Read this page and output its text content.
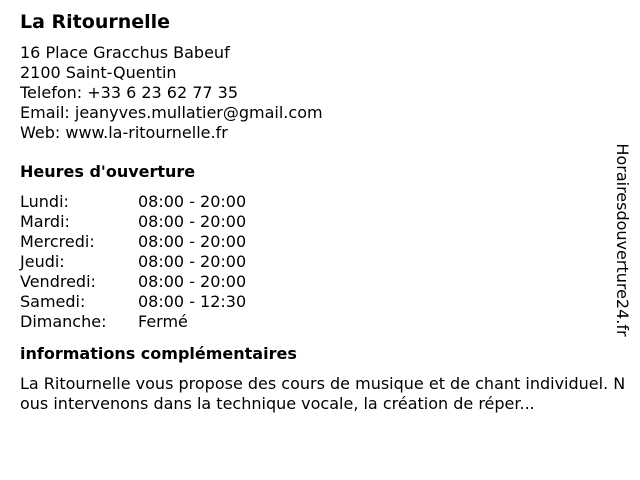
La Ritournelle
16 Place Gracchus Babeuf
2100 Saint-Quentin
Telefon: +33 6 23 62 77 35
Email: jeanyves.mullatier@gmail.com
Web: www.la-ritournelle.fr
Heures d'ouverture
Lundi:	08:00 - 20:00
Mardi:	08:00 - 20:00
Mercredi:	08:00 - 20:00
Jeudi:	08:00 - 20:00
Vendredi:	08:00 - 20:00
Samedi:	08:00 - 12:30
Dimanche:	Fermé
informations complémentaires
La Ritournelle vous propose des cours de musique et de chant individuel. Nous intervenons dans la technique vocale, la création de réper...
Horairesdouverture24.fr
